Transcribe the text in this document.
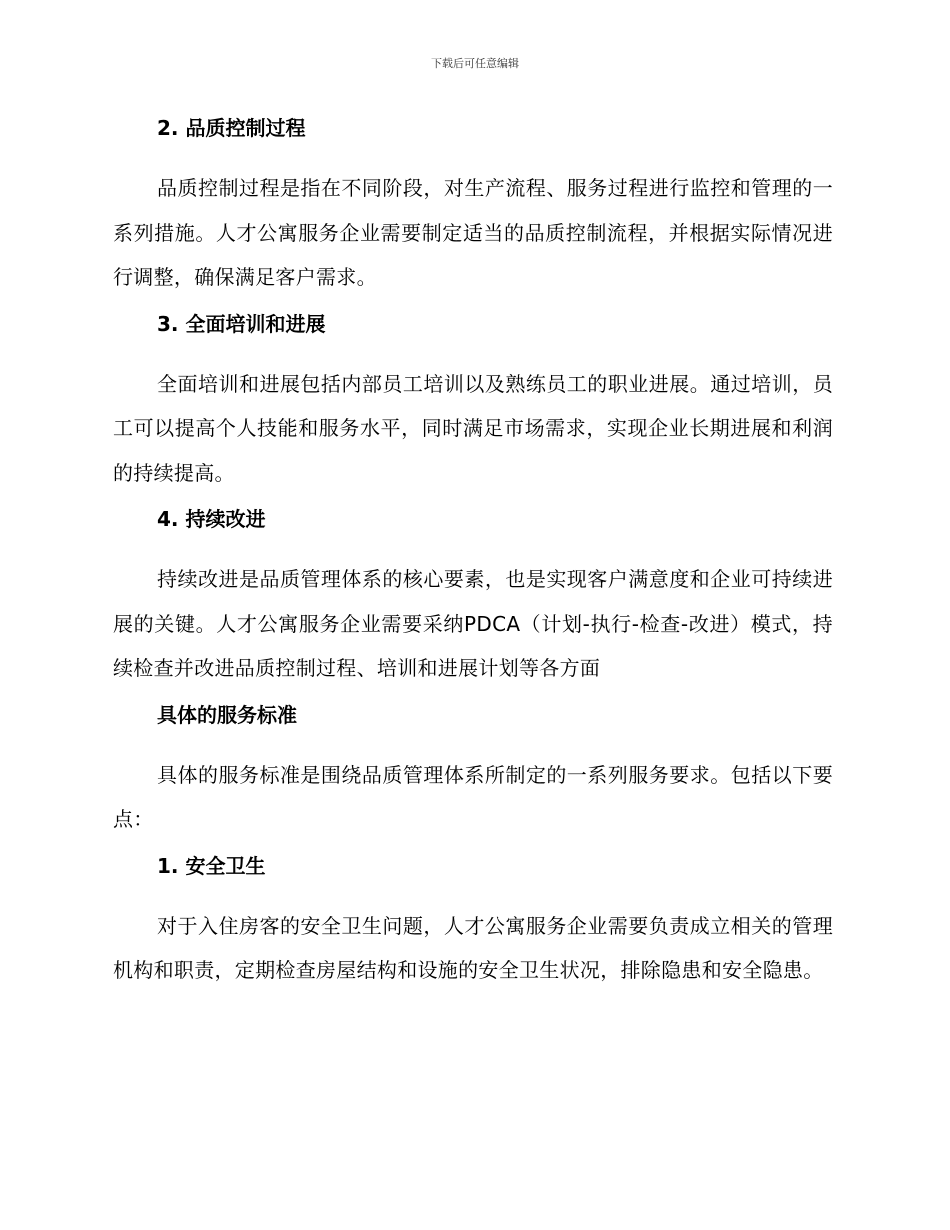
下载后可任意编辑
2. 品质控制过程

品质控制过程是指在不同阶段，对生产流程、服务过程进行监控和管理的一系列措施。人才公寓服务企业需要制定适当的品质控制流程，并根据实际情况进行调整，确保满足客户需求。

3. 全面培训和进展

全面培训和进展包括内部员工培训以及熟练员工的职业进展。通过培训，员工可以提高个人技能和服务水平，同时满足市场需求，实现企业长期进展和利润的持续提高。

4. 持续改进

持续改进是品质管理体系的核心要素，也是实现客户满意度和企业可持续进展的关键。人才公寓服务企业需要采纳PDCA（计划-执行-检查-改进）模式，持续检查并改进品质控制过程、培训和进展计划等各方面

具体的服务标准

具体的服务标准是围绕品质管理体系所制定的一系列服务要求。包括以下要点：

1. 安全卫生

对于入住房客的安全卫生问题，人才公寓服务企业需要负责成立相关的管理机构和职责，定期检查房屋结构和设施的安全卫生状况，排除隐患和安全隐患。
